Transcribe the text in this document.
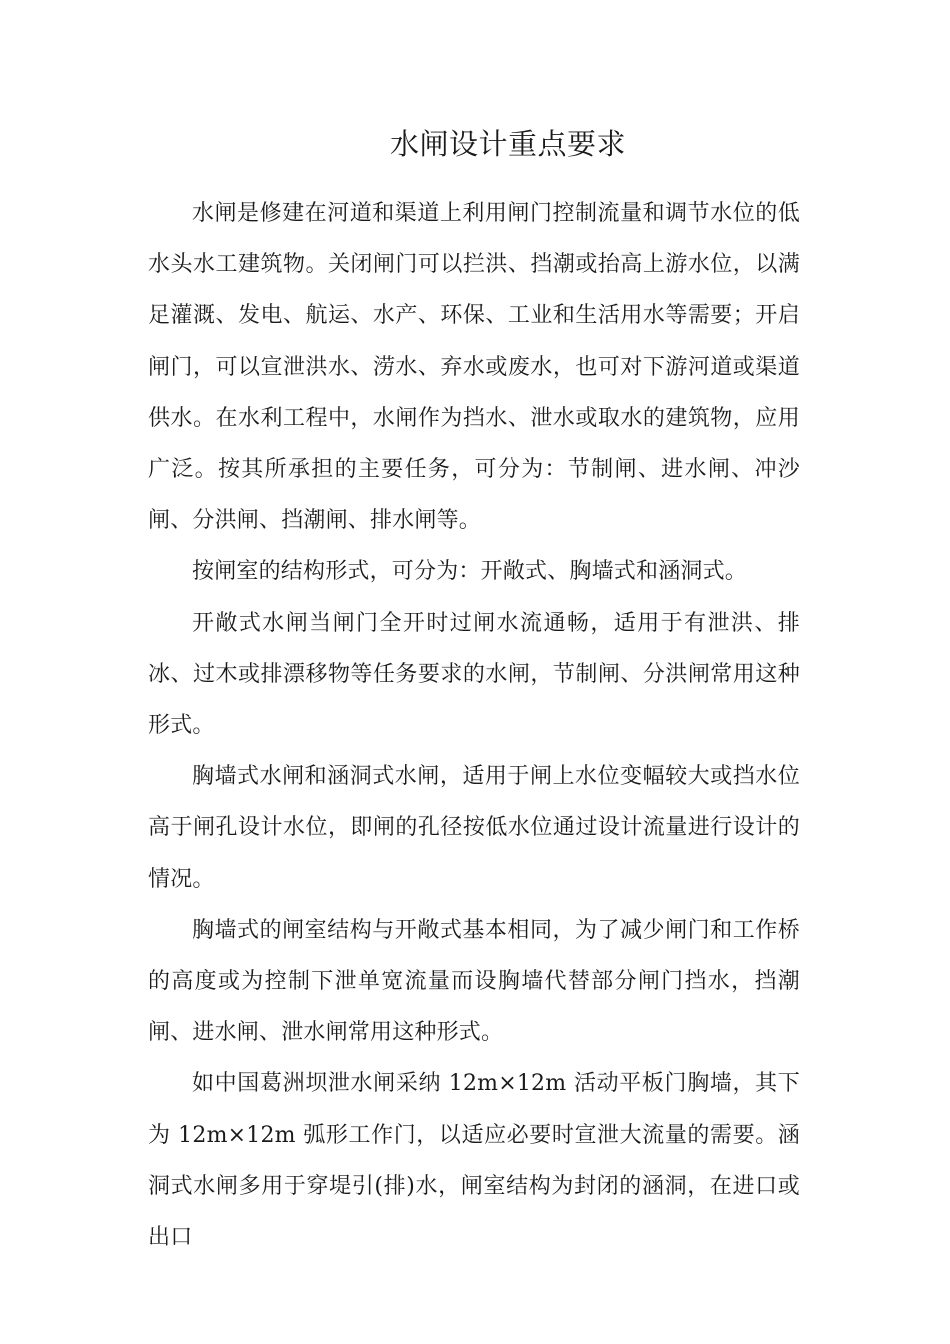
水闸设计重点要求

水闸是修建在河道和渠道上利用闸门控制流量和调节水位的低水头水工建筑物。关闭闸门可以拦洪、挡潮或抬高上游水位，以满足灌溉、发电、航运、水产、环保、工业和生活用水等需要；开启闸门，可以宣泄洪水、涝水、弃水或废水，也可对下游河道或渠道供水。在水利工程中，水闸作为挡水、泄水或取水的建筑物，应用广泛。按其所承担的主要任务，可分为：节制闸、进水闸、冲沙闸、分洪闸、挡潮闸、排水闸等。

按闸室的结构形式，可分为：开敞式、胸墙式和涵洞式。

开敞式水闸当闸门全开时过闸水流通畅，适用于有泄洪、排冰、过木或排漂移物等任务要求的水闸，节制闸、分洪闸常用这种形式。

胸墙式水闸和涵洞式水闸，适用于闸上水位变幅较大或挡水位高于闸孔设计水位，即闸的孔径按低水位通过设计流量进行设计的情况。

胸墙式的闸室结构与开敞式基本相同，为了减少闸门和工作桥的高度或为控制下泄单宽流量而设胸墙代替部分闸门挡水，挡潮闸、进水闸、泄水闸常用这种形式。

如中国葛洲坝泄水闸采纳 12m×12m 活动平板门胸墙，其下为 12m×12m 弧形工作门，以适应必要时宣泄大流量的需要。涵洞式水闸多用于穿堤引(排)水，闸室结构为封闭的涵洞，在进口或出口
